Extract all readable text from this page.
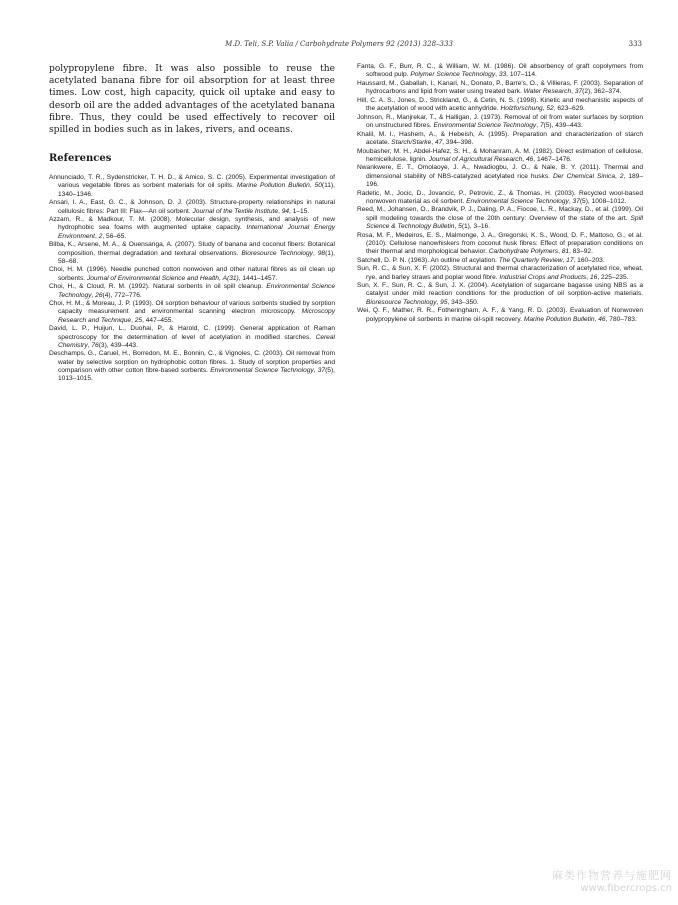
M.D. Teli, S.P. Valia / Carbohydrate Polymers 92 (2013) 328–333	333

polypropylene fibre. It was also possible to reuse the acetylated banana fibre for oil absorption for at least three times. Low cost, high capacity, quick oil uptake and easy to desorb oil are the added advantages of the acetylated banana fibre. Thus, they could be used effectively to recover oil spilled in bodies such as in lakes, rivers, and oceans.

References

Annunciado, T. R., Sydenstricker, T. H. D., & Amico, S. C. (2005). Experimental investigation of various vegetable fibres as sorbent materials for oil spills. Marine Pollution Bulletin, 50(11), 1340–1346.

Ansari, I. A., East, G. C., & Johnson, D. J. (2003). Structure-property relationships in natural cellulosic fibres: Part III: Flax—An oil sorbent. Journal of the Textile Institute, 94, 1–15.

Azzam, R., & Madkour, T. M. (2008). Molecular design, synthesis, and analysis of new hydrophobic sea foams with augmented uptake capacity. International Journal Energy Environment, 2, 56–65.

Bilba, K., Arsene, M. A., & Ouensanga, A. (2007). Study of banana and coconut fibers: Botanical composition, thermal degradation and textural observations. Bioresource Technology, 98(1), 58–68.

Choi, H. M. (1996). Needle punched cotton nonwoven and other natural fibres as oil clean up sorbents. Journal of Environmental Science and Health, A(31), 1441–1457.

Choi, H., & Cloud, R. M. (1992). Natural sorbents in oil spill cleanup. Environmental Science Technology, 26(4), 772–776.

Choi, H. M., & Moreau, J. P. (1993). Oil sorption behaviour of various sorbents studied by sorption capacity measurement and environmental scanning electron microscopy. Microscopy Research and Technique, 25, 447–455.

David, L. P., Huijun, L., Duohai, P., & Harold, C. (1999). General application of Raman spectroscopy for the determination of level of acetylation in modified starches. Cereal Chemistry, 76(3), 439–443.

Deschamps, G., Caruel, H., Borredon, M. E., Bonnin, C., & Vignoles, C. (2003). Oil removal from water by selective sorption on hydrophobic cotton fibres. 1. Study of sorption properties and comparison with other cotton fibre-based sorbents. Environmental Science Technology, 37(5), 1013–1015.

Fanta, G. F., Burr, R. C., & William, W. M. (1986). Oil absorbency of graft copolymers from softwood pulp. Polymer Science Technology, 33, 107–114.

Haussard, M., Gaballah, I., Kanari, N., Donato, P., Barre's, O., & Villieras, F. (2003). Separation of hydrocarbons and lipid from water using treated bark. Water Research, 37(2), 362–374.

Hill, C. A. S., Jones, D., Strickland, G., & Cetin, N. S. (1998). Kinetic and mechanistic aspects of the acetylation of wood with acetic anhydride. Holzforschung, 52, 623–629.

Johnson, R., Manjrekar, T., & Halligan, J. (1973). Removal of oil from water surfaces by sorption on unstructured fibres. Environmental Science Technology, 7(5), 439–443.

Khalil, M. I., Hashem, A., & Hebeish, A. (1995). Preparation and characterization of starch acetate. Starch/Starke, 47, 394–398.

Moubasher, M. H., Abdel-Hafez, S. H., & Mohanram, A. M. (1982). Direct estimation of cellulose, hemicellulose, lignin. Journal of Agricultural Research, 46, 1467–1476.

Nwankwere, E. T., Omolaoye, J. A., Nwadiogbu, J. O., & Nale, B. Y. (2011). Thermal and dimensional stability of NBS-catalyzed acetylated rice husks. Der Chemical Sinica, 2, 189–196.

Radetic, M., Jocic, D., Jovancic, P., Petrovic, Z., & Thomas, H. (2003). Recycled wool-based nonwoven material as oil sorbent. Environmental Science Technology, 37(5), 1008–1012.

Reed, M., Johansen, O., Brandvik, P. J., Daling, P. A., Fiocoe, L. R., Mackay, D., et al. (1999). Oil spill modeling towards the close of the 20th century: Overview of the state of the art. Spill Science & Technology Bulletin, 5(1), 3–16.

Rosa, M. F., Medeiros, E. S., Malmonge, J. A., Gregorski, K. S., Wood, D. F., Mattoso, G., et al. (2010). Cellulose nanowhiskers from coconut husk fibres: Effect of preparation conditions on their thermal and morphological behavior. Carbohydrate Polymers, 81, 83–92.

Satchell, D. P. N. (1963). An outline of acylation. The Quarterly Review, 17, 160–203.

Sun, R. C., & Sun, X. F. (2002). Structural and thermal characterization of acetylated rice, wheat, rye, and barley straws and poplar wood fibre. Industrial Crops and Products, 16, 225–235.

Sun, X. F., Sun, R. C., & Sun, J. X. (2004). Acetylation of sugarcane bagasse using NBS as a catalyst under mild reaction conditions for the production of oil sorption-active materials. Bioresource Technology, 95, 343–350.

Wei, Q. F., Mather, R. R., Fotheringham, A. F., & Yang, R. D. (2003). Evaluation of Nonwoven polypropylene oil sorbents in marine oil-spill recovery. Marine Pollution Bulletin, 46, 780–783.

麻类作物营养与施肥网
www.fibercrops.cn
